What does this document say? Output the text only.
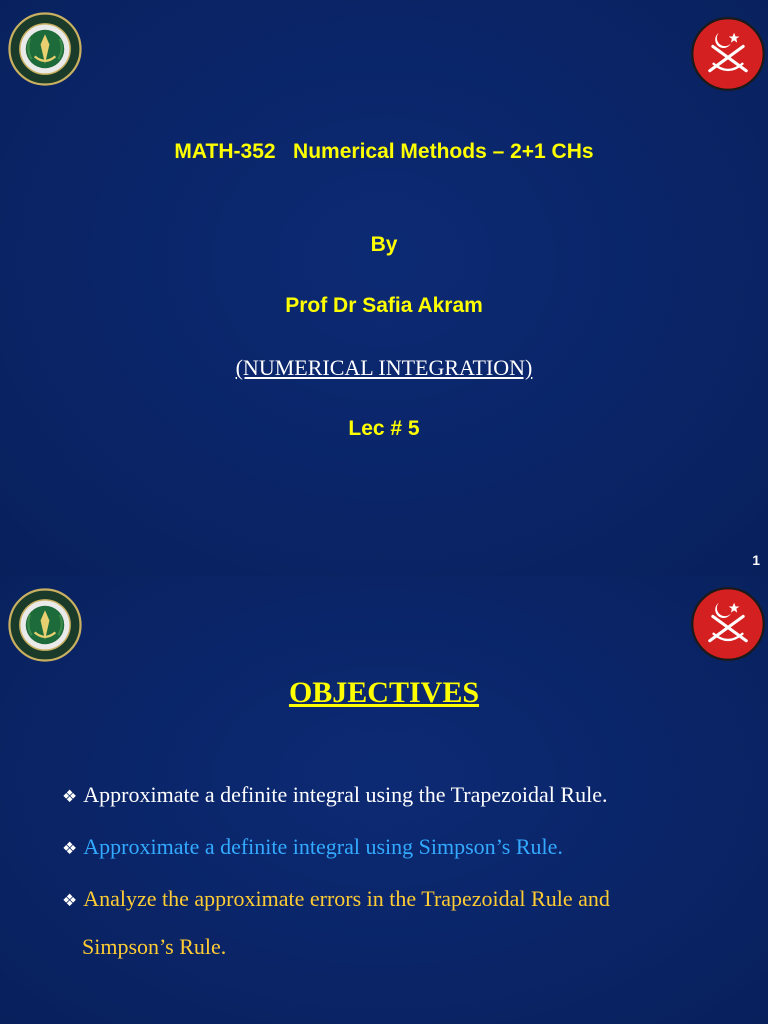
MATH-352   Numerical Methods – 2+1 CHs
By
Prof Dr Safia Akram
(NUMERICAL INTEGRATION)
Lec # 5
1
OBJECTIVES
❖ Approximate a definite integral using the Trapezoidal Rule.
❖ Approximate a definite integral using Simpson’s Rule.
❖ Analyze the approximate errors in the Trapezoidal Rule and
Simpson’s Rule.
